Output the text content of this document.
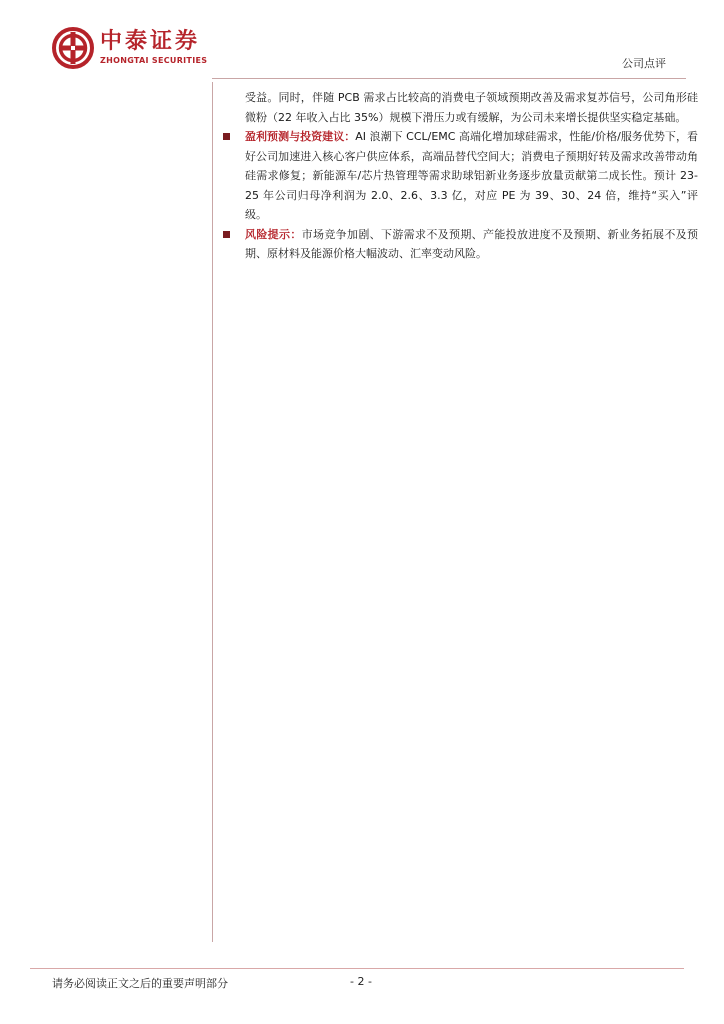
中泰证券
ZHONGTAI SECURITIES	公司点评
受益。同时，伴随 PCB 需求占比较高的消费电子领域预期改善及需求复苏信号，公司角形硅微粉（22 年收入占比 35%）规模下滑压力或有缓解，为公司未来增长提供坚实稳定基础。
盈利预测与投资建议：AI 浪潮下 CCL/EMC 高端化增加球硅需求，性能/价格/服务优势下，看好公司加速进入核心客户供应体系，高端品替代空间大；消费电子预期好转及需求改善带动角硅需求修复；新能源车/芯片热管理等需求助球铝新业务逐步放量贡献第二成长性。预计 23-25 年公司归母净利润为 2.0、2.6、3.3 亿，对应 PE 为 39、30、24 倍，维持“买入”评级。
风险提示：市场竞争加剧、下游需求不及预期、产能投放进度不及预期、新业务拓展不及预期、原材料及能源价格大幅波动、汇率变动风险。
请务必阅读正文之后的重要声明部分	- 2 -
